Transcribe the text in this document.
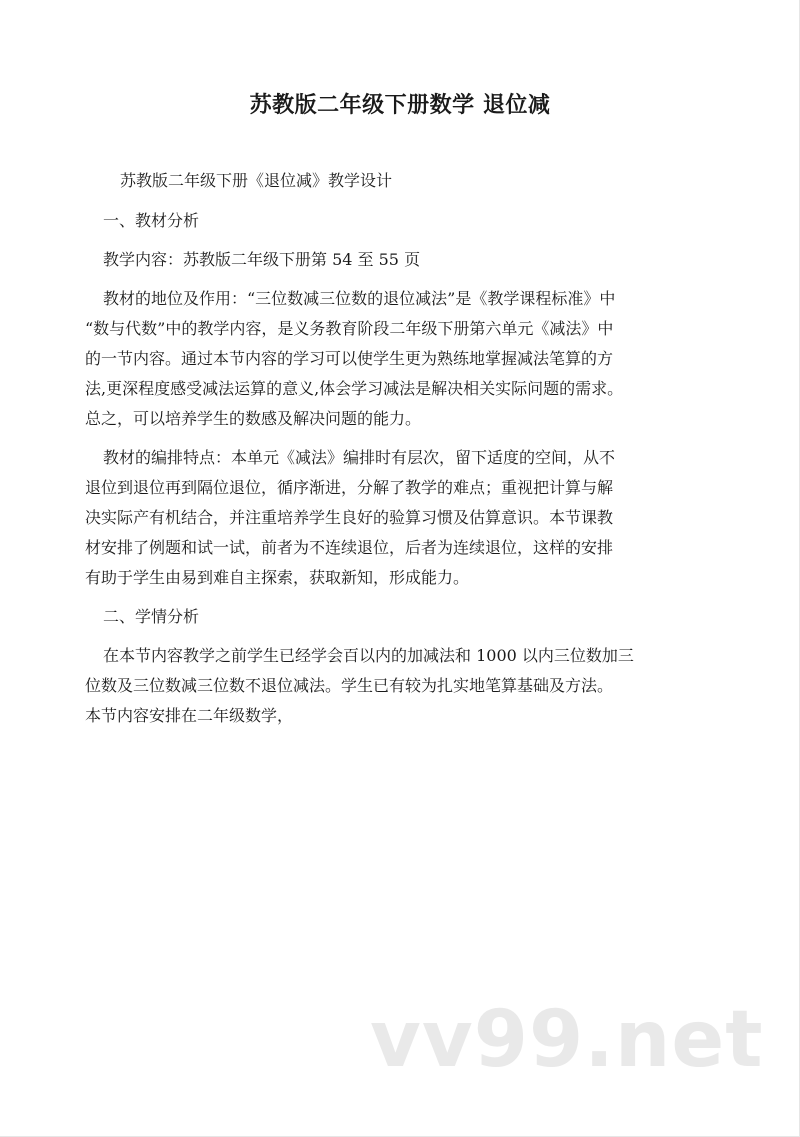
苏教版二年级下册数学 退位减
苏教版二年级下册《退位减》教学设计
一、教材分析
教学内容：苏教版二年级下册第 54 至 55 页
教材的地位及作用：“三位数减三位数的退位减法”是《教学课程标准》中
“数与代数”中的教学内容，是义务教育阶段二年级下册第六单元《减法》中
的一节内容。通过本节内容的学习可以使学生更为熟练地掌握减法笔算的方
法,更深程度感受减法运算的意义,体会学习减法是解决相关实际问题的需求。
总之，可以培养学生的数感及解决问题的能力。
教材的编排特点：本单元《减法》编排时有层次，留下适度的空间，从不
退位到退位再到隔位退位，循序渐进，分解了教学的难点；重视把计算与解
决实际产有机结合，并注重培养学生良好的验算习惯及估算意识。本节课教
材安排了例题和试一试，前者为不连续退位，后者为连续退位，这样的安排
有助于学生由易到难自主探索，获取新知，形成能力。
二、学情分析
在本节内容教学之前学生已经学会百以内的加减法和 1000 以内三位数加三
位数及三位数减三位数不退位减法。学生已有较为扎实地笔算基础及方法。
本节内容安排在二年级数学，
vv99.net
